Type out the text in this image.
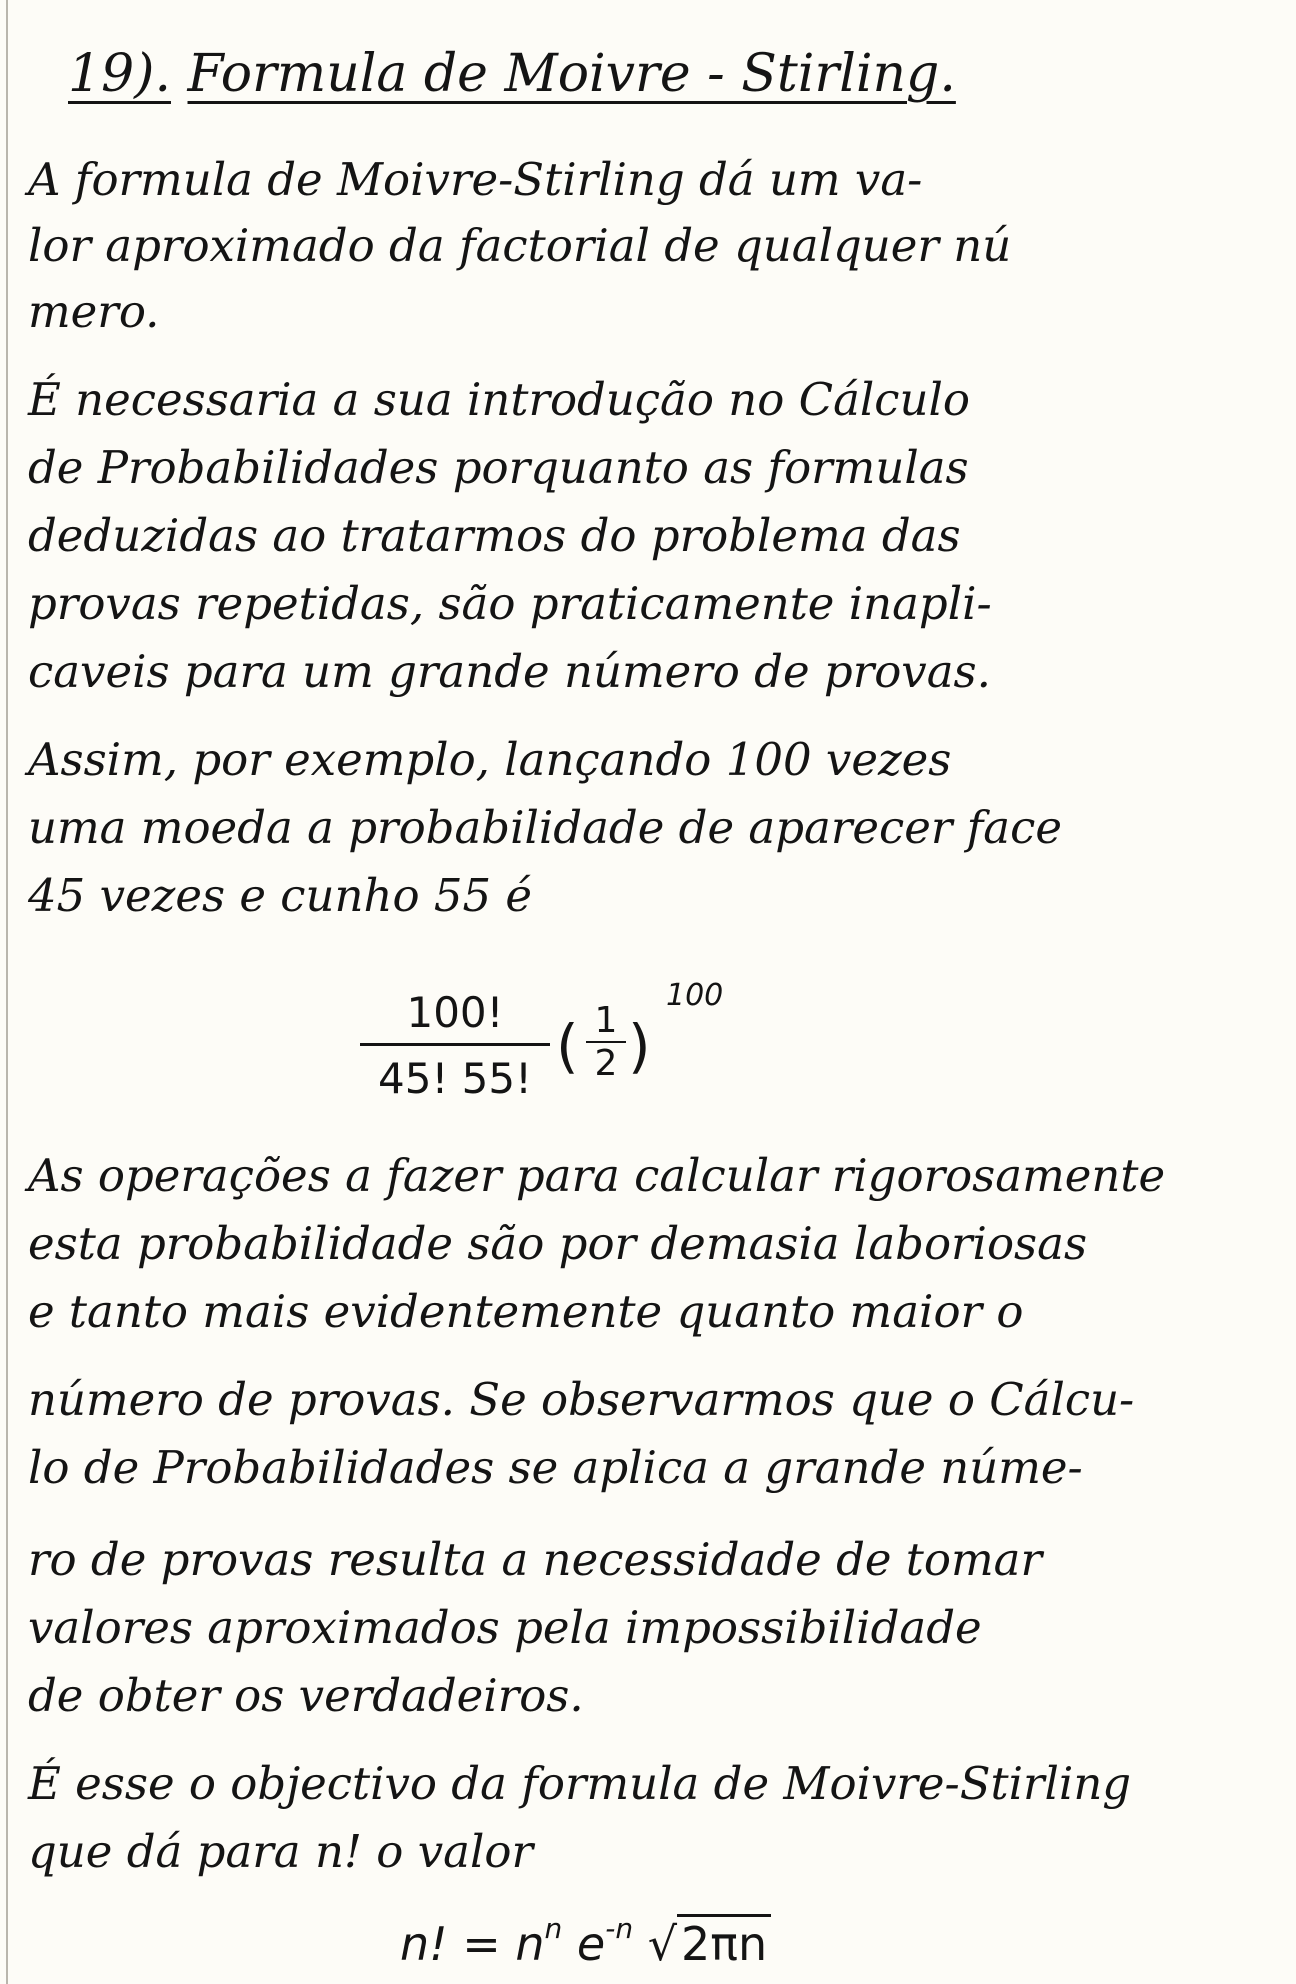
19). Formula de Moivre - Stirling.
A formula de Moivre-Stirling dá um va-
lor aproximado da factorial de qualquer nú
mero.
É necessaria a sua introdução no Cálculo
de Probabilidades porquanto as formulas
deduzidas ao tratarmos do problema das
provas repetidas, são praticamente inapli-
caveis para um grande número de provas.
Assim, por exemplo, lançando 100 vezes
uma moeda a probabilidade de aparecer face
45 vezes e cunho 55 é
$\frac{100!}{45! 55!}$ ( $\frac{1}{2}$ )
100
As operações a fazer para calcular rigorosamente
esta probabilidade são por demasia laboriosas
e tanto mais evidentemente quanto maior o
número de provas. Se observarmos que o Cálcu-
lo de Probabilidades se aplica a grande núme-
ro de provas resulta a necessidade de tomar
valores aproximados pela impossibilidade
de obter os verdadeiros.
É esse o objectivo da formula de Moivre-Stirling
que dá para n! o valor
n! = $n^n$ $e^{-n}$ √2πn
